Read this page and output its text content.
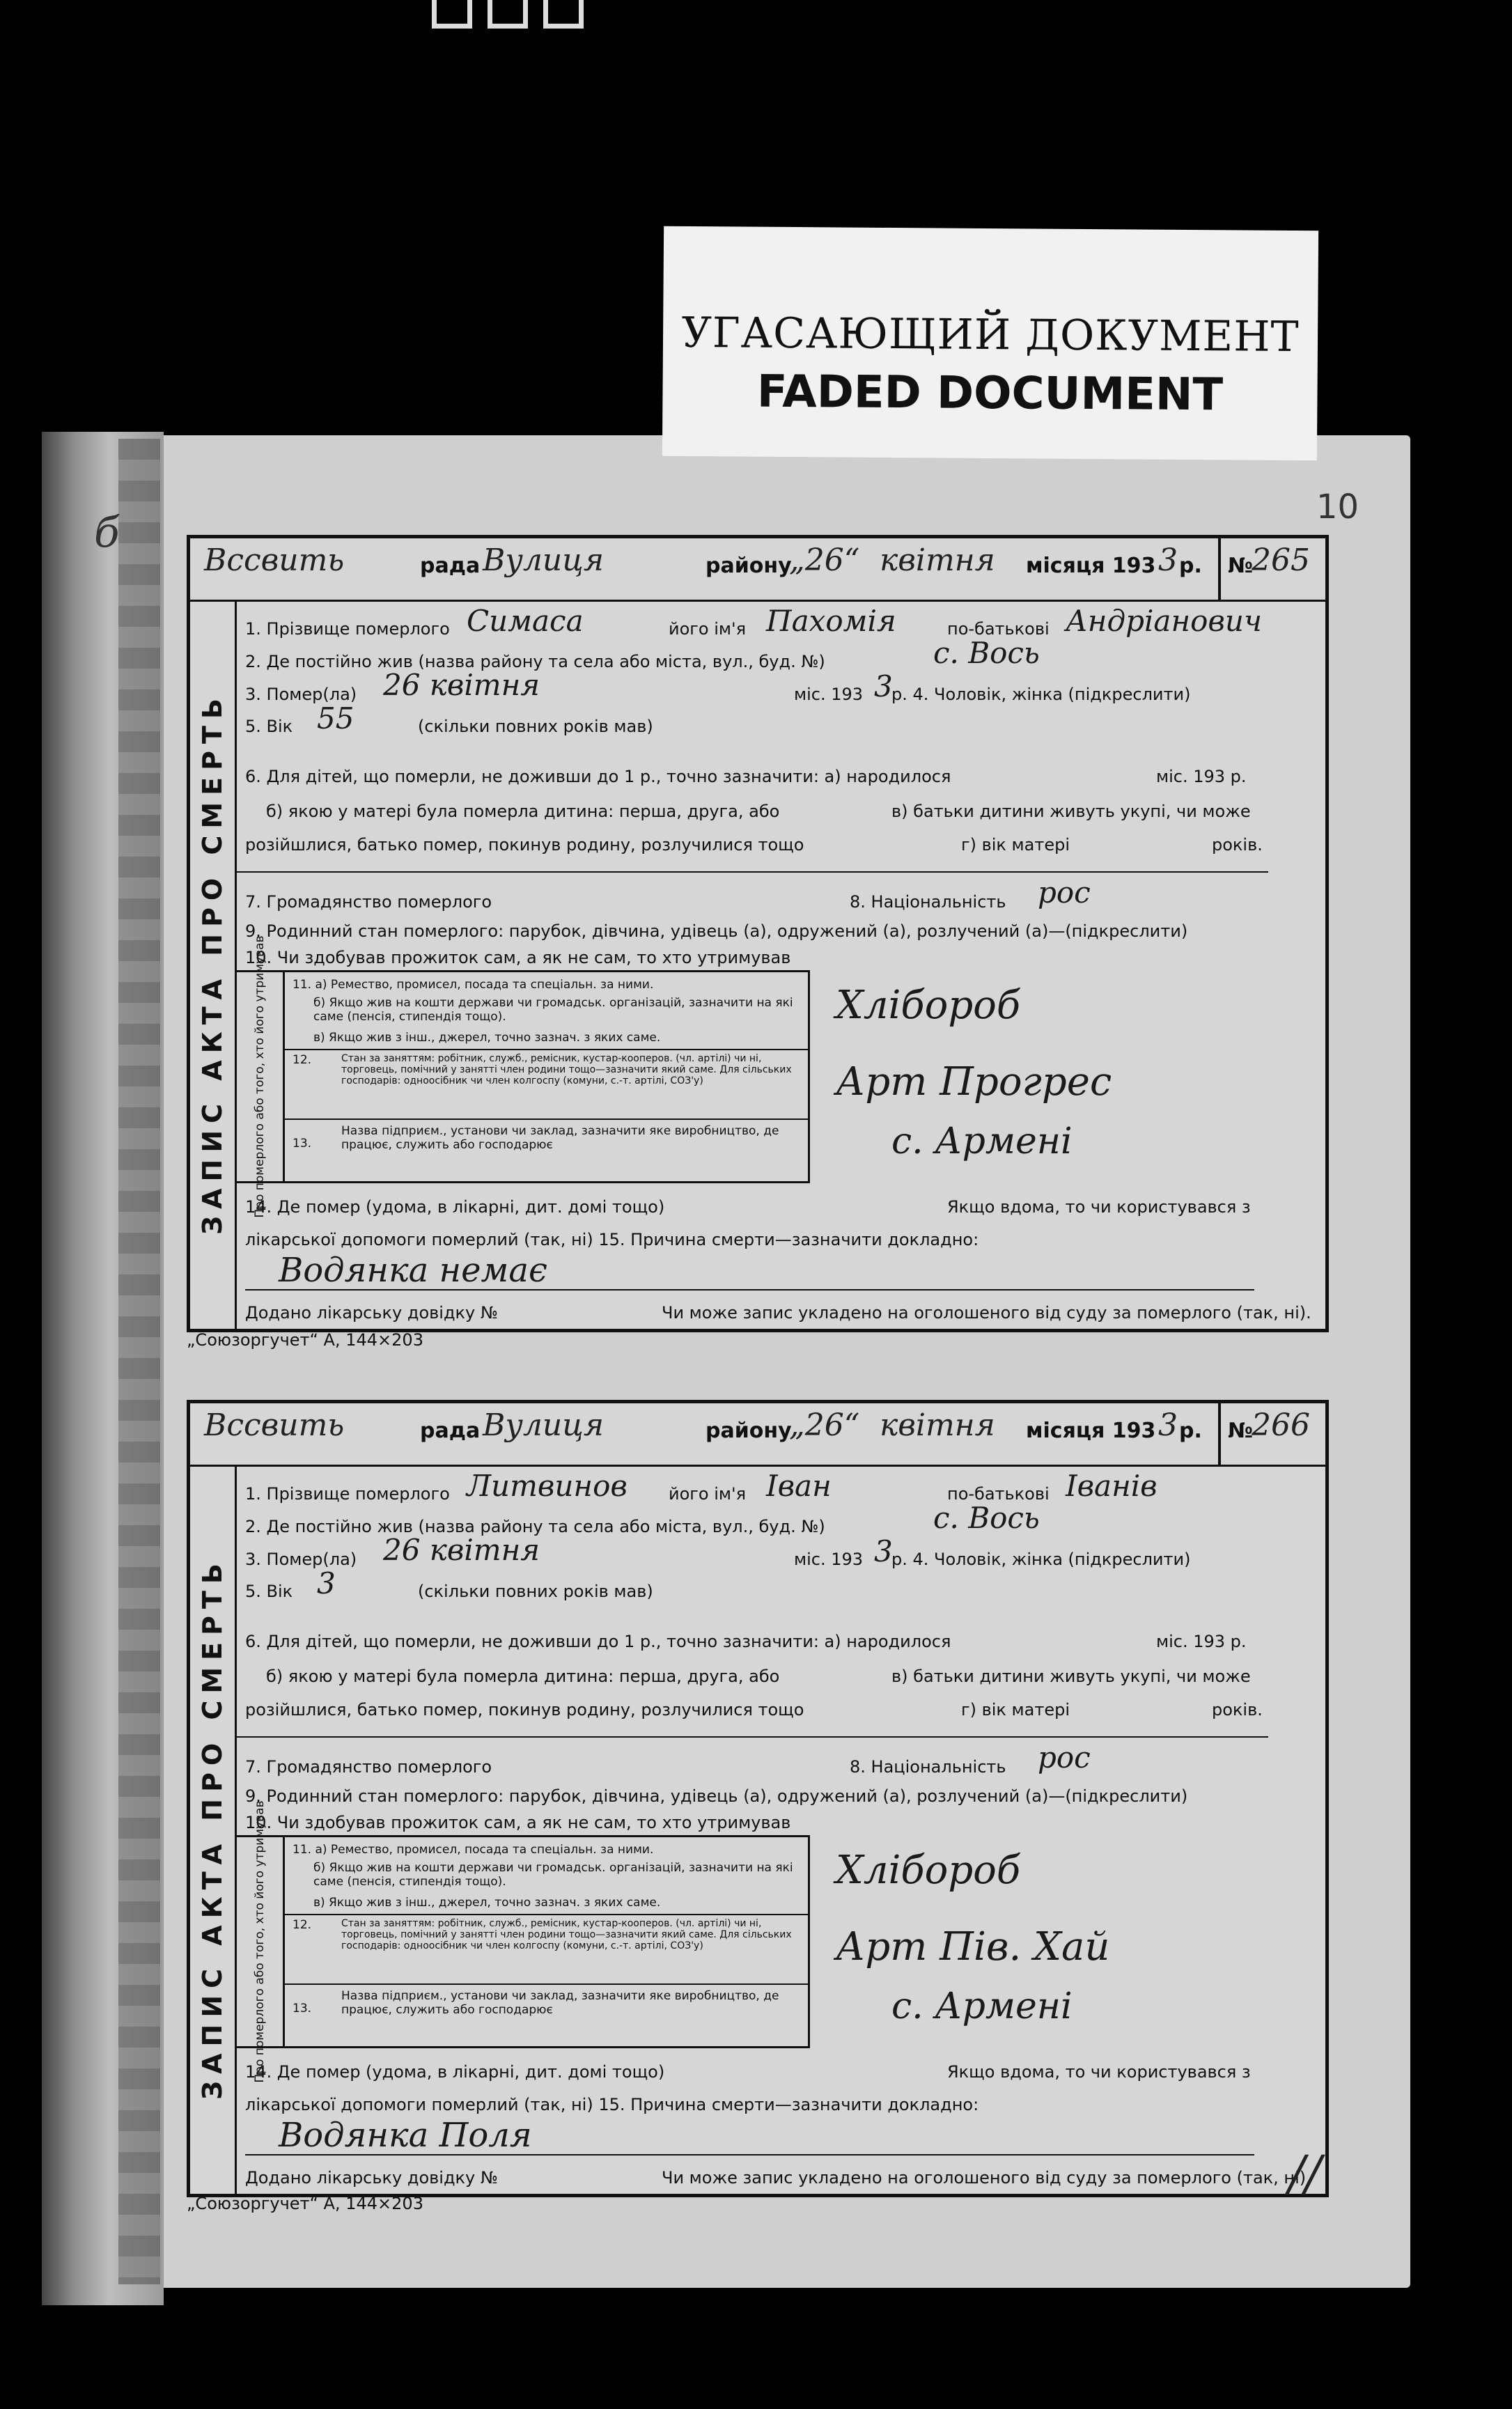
б
10
УГАСАЮЩИЙ ДОКУМЕНТ
FADED DOCUMENT
ЗАПИС АКТА ПРО СМЕРТЬ
Вссвить	рада Вулиця	району
„26“ квітня місяця 193 3 р. №
265
1. Прізвище померлого Симаса	його ім'я Пахомія	по-батькові Андріанович
2. Де постійно жив (назва району та села або міста, вул., буд. №)	с. Вось
3. Помер(ла) 26 квітня	міс. 193 3
р. 4. Чоловік, жінка (підкреслити)
5. Вік 55	(скільки повних років мав)
6. Для дітей, що померли, не доживши до 1 р., точно зазначити: а) народилося	міс. 193 р.
б) якою у матері була померла дитина: перша, друга, або	в) батьки дитини живуть укупі, чи може
розійшлися, батько помер, покинув родину, розлучилися тощо	г) вік матері	років.
7. Громадянство померлого	8. Національність рос
9. Родинний стан померлого: парубок, дівчина, удівець (а), одружений (а), розлучений (а)—(підкреслити)
10. Чи здобував прожиток сам, а як не сам, то хто утримував
Про померлого або того, хто його утримував 11. а) Ремество, промисел, посада та спеціальн. за ними.
б) Якщо жив на кошти держави чи громадськ. організацій, зазначити на які саме (пенсія, стипендія тощо).
в) Якщо жив з інш., джерел, точно зазнач. з яких саме.
12.	Стан за заняттям: робітник, служб., ремісник, кустар-кооперов. (чл. артілі) чи ні, торговець, помічний у занятті член родини тощо—зазначити який саме. Для сільських господарів: одноосібник чи член колгоспу (комуни, с.-т. артілі, СОЗ'у)
13.
Назва підприєм., установи чи заклад, зазначити яке виробництво, де працює, служить або господарює
Хлібороб
Арт Прогрес
с. Армені
14. Де помер (удома, в лікарні, дит. домі тощо)	Якщо вдома, то чи користувався з
лікарської допомоги померлий (так, ні) 15. Причина смерти—зазначити докладно:
Водянка немає
Додано лікарську довідку №	Чи може запис укладено на оголошеного від суду за померлого (так, ні).
ЗАПИС АКТА ПРО СМЕРТЬ
Вссвить	рада Вулиця	району
„26“ квітня місяця 193 3 р. №
266
1. Прізвище померлого Литвинов його ім'я Іван	по-батькові Іванів
2. Де постійно жив (назва району та села або міста, вул., буд. №)	с. Вось
3. Помер(ла) 26 квітня	міс. 193 3
р. 4. Чоловік, жінка (підкреслити)
5. Вік 3	(скільки повних років мав)
6. Для дітей, що померли, не доживши до 1 р., точно зазначити: а) народилося	міс. 193 р.
б) якою у матері була померла дитина: перша, друга, або	в) батьки дитини живуть укупі, чи може
розійшлися, батько помер, покинув родину, розлучилися тощо	г) вік матері	років.
7. Громадянство померлого	8. Національність рос
9. Родинний стан померлого: парубок, дівчина, удівець (а), одружений (а), розлучений (а)—(підкреслити)
10. Чи здобував прожиток сам, а як не сам, то хто утримував
Про померлого або того, хто його утримував 11. а) Ремество, промисел, посада та спеціальн. за ними.
б) Якщо жив на кошти держави чи громадськ. організацій, зазначити на які саме (пенсія, стипендія тощо).
в) Якщо жив з інш., джерел, точно зазнач. з яких саме.
12.	Стан за заняттям: робітник, служб., ремісник, кустар-кооперов. (чл. артілі) чи ні, торговець, помічний у занятті член родини тощо—зазначити який саме. Для сільських господарів: одноосібник чи член колгоспу (комуни, с.-т. артілі, СОЗ'у)
13.
Назва підприєм., установи чи заклад, зазначити яке виробництво, де працює, служить або господарює
Хлібороб
Арт Пів. Хай
с. Армені
14. Де помер (удома, в лікарні, дит. домі тощо)	Якщо вдома, то чи користувався з
лікарської допомоги померлий (так, ні) 15. Причина смерти—зазначити докладно:
Водянка Поля
Додано лікарську довідку №	Чи може запис укладено на оголошеного від суду за померлого (так, ні).
„Союзоргучет“ А, 144×203
„Союзоргучет“ А, 144×203
//
